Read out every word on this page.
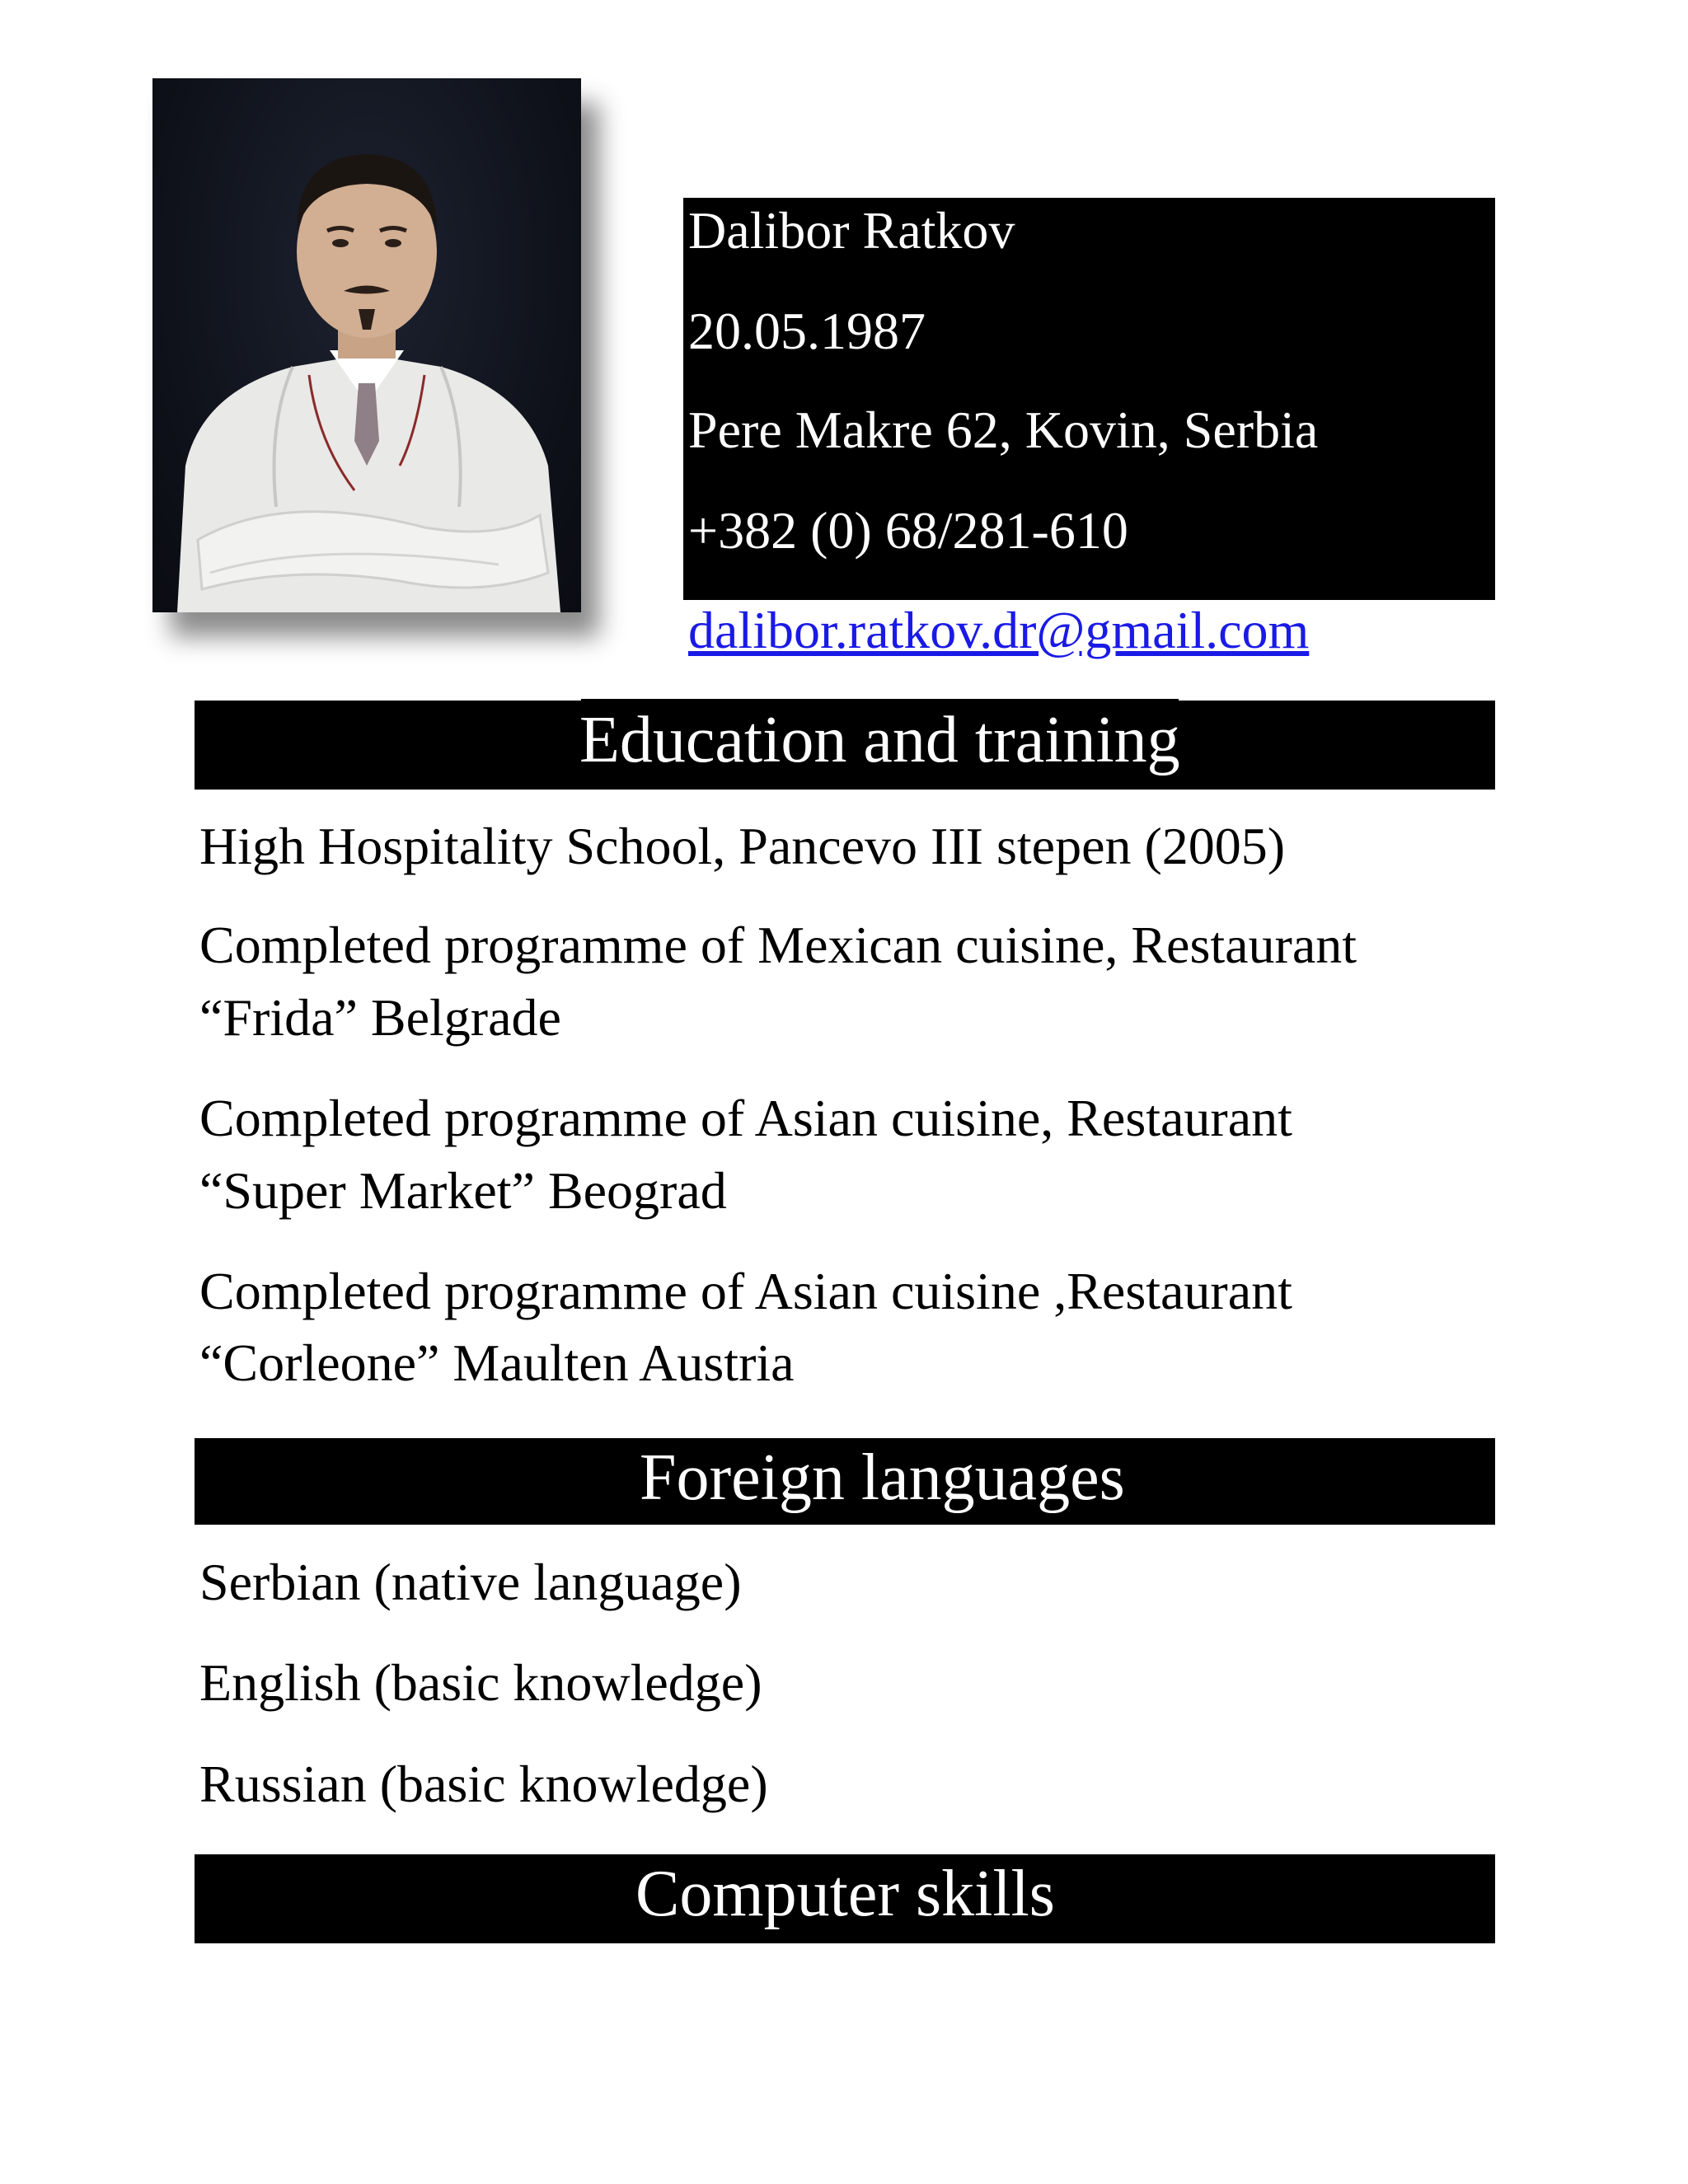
Dalibor Ratkov
20.05.1987
Pere Makre 62, Kovin, Serbia
+382 (0) 68/281-610
dalibor.ratkov.dr@gmail.com
Education and training
High Hospitality School, Pancevo III stepen (2005)
Completed programme of Mexican cuisine, Restaurant
“Frida” Belgrade
Completed programme of Asian cuisine, Restaurant
“Super Market” Beograd
Completed programme of Asian cuisine ,Restaurant
“Corleone” Maulten Austria
Foreign languages
Serbian (native language)
English (basic knowledge)
Russian (basic knowledge)
Computer skills
